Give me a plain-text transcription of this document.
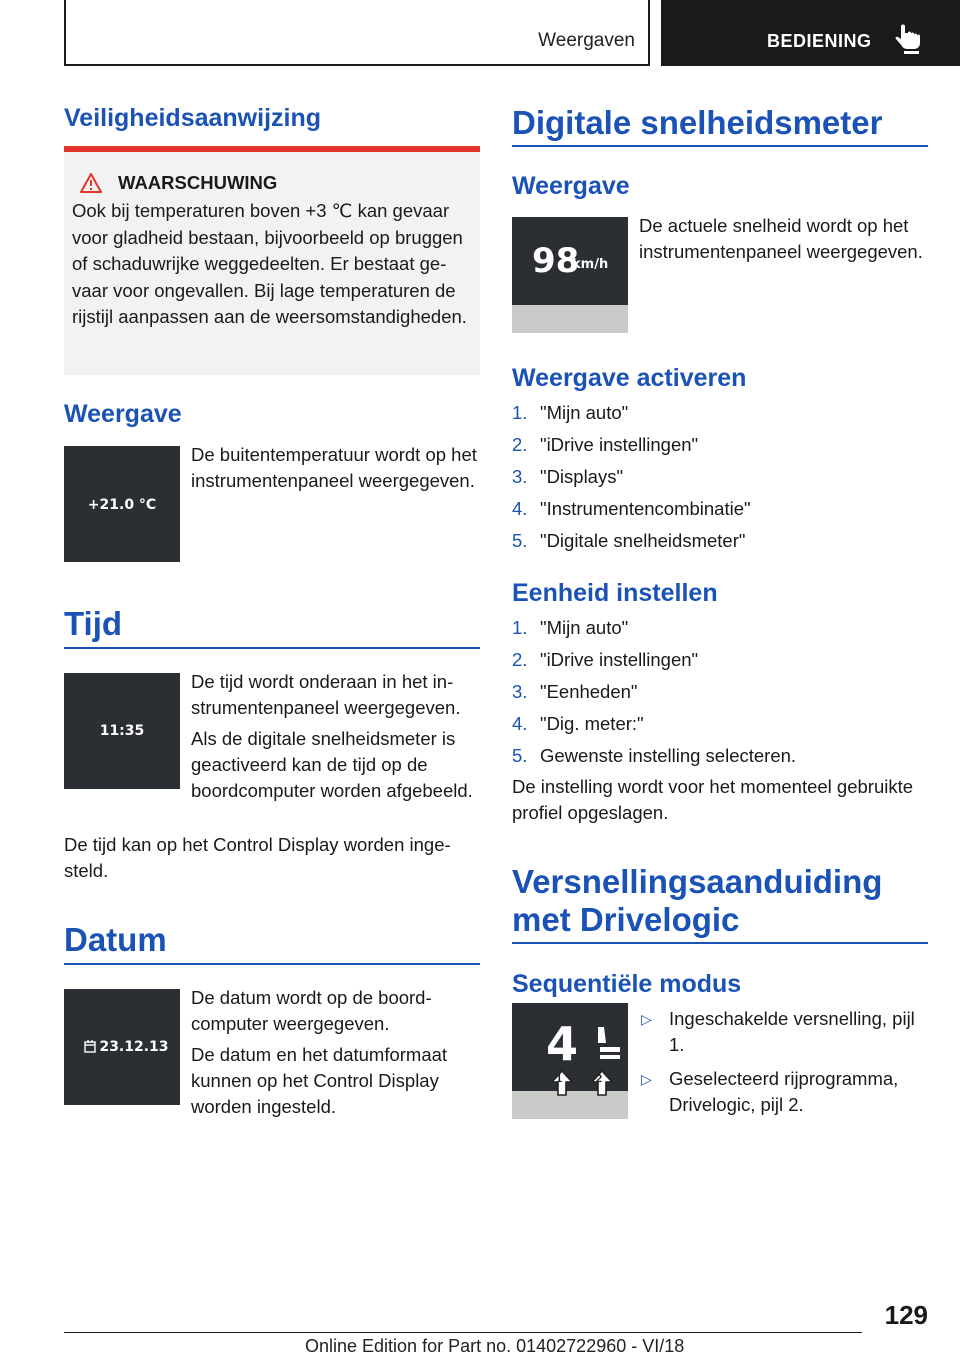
Weergaven	BEDIENING
Veiligheidsaanwijzing
WAARSCHUWING

Ook bij temperaturen boven +3 ℃ kan gevaar voor gladheid bestaan, bijvoorbeeld op bruggen of schaduwrijke weggedeelten. Er bestaat gevaar voor ongevallen. Bij lage temperaturen de rijstijl aanpassen aan de weersomstandigheden.

Weergave
+21.0 °C

De buitentemperatuur wordt op het instrumentenpaneel weergegeven.

Tijd
11:35

De tijd wordt onderaan in het instrumentenpaneel weergegeven.

Als de digitale snelheidsmeter is geactiveerd kan de tijd op de boordcomputer worden afgebeeld.

De tijd kan op het Control Display worden ingesteld.

Datum
23.12.13

De datum wordt op de boordcomputer weergegeven.

De datum en het datumformaat kunnen op het Control Display worden ingesteld.

Digitale snelheidsmeter
Weergave
98
km/h

De actuele snelheid wordt op het instrumentenpaneel weergegeven.

Weergave activeren
1. "Mijn auto"
2. "iDrive instellingen"
3. "Displays"
4. "Instrumentencombinatie"
5. "Digitale snelheidsmeter"
Eenheid instellen
1. "Mijn auto"
2. "iDrive instellingen"
3. "Eenheden"
4. "Dig. meter:"
5. Gewenste instelling selecteren.

De instelling wordt voor het momenteel gebruikte profiel opgeslagen.

Versnellingsaanduiding
met Drivelogic
Sequentiële modus
4
1	2
▷ Ingeschakelde versnelling, pijl 1.
▷ Geselecteerd rijprogramma, Drivelogic, pijl 2.
129
Online Edition for Part no. 01402722960 - VI/18
